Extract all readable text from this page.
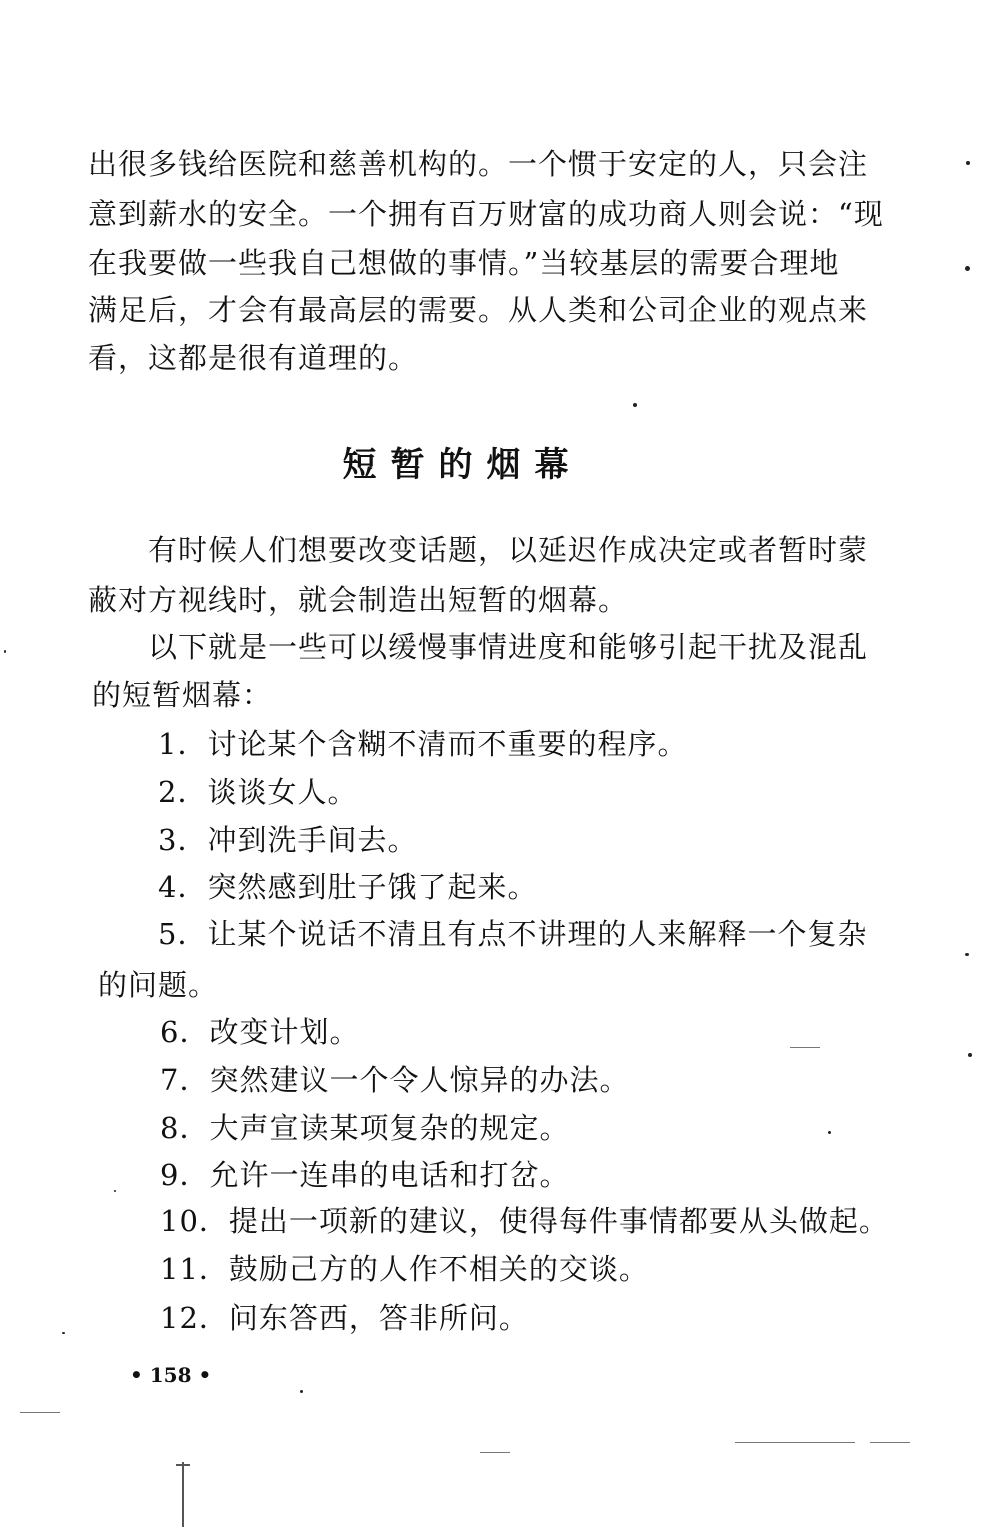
出很多钱给医院和慈善机构的。一个惯于安定的人，只会注
意到薪水的安全。一个拥有百万财富的成功商人则会说：“现
在我要做一些我自己想做的事情。”当较基层的需要合理地
满足后，才会有最高层的需要。从人类和公司企业的观点来
看，这都是很有道理的。
短暂的烟幕
有时候人们想要改变话题，以延迟作成决定或者暂时蒙
蔽对方视线时，就会制造出短暂的烟幕。
以下就是一些可以缓慢事情进度和能够引起干扰及混乱
的短暂烟幕：
1．讨论某个含糊不清而不重要的程序。
2．谈谈女人。
3．冲到洗手间去。
4．突然感到肚子饿了起来。
5．让某个说话不清且有点不讲理的人来解释一个复杂
的问题。
6．改变计划。
7．突然建议一个令人惊异的办法。
8．大声宣读某项复杂的规定。
9．允许一连串的电话和打岔。
10．提出一项新的建议，使得每件事情都要从头做起。
11．鼓励己方的人作不相关的交谈。
12．问东答西，答非所问。
• 158 •
